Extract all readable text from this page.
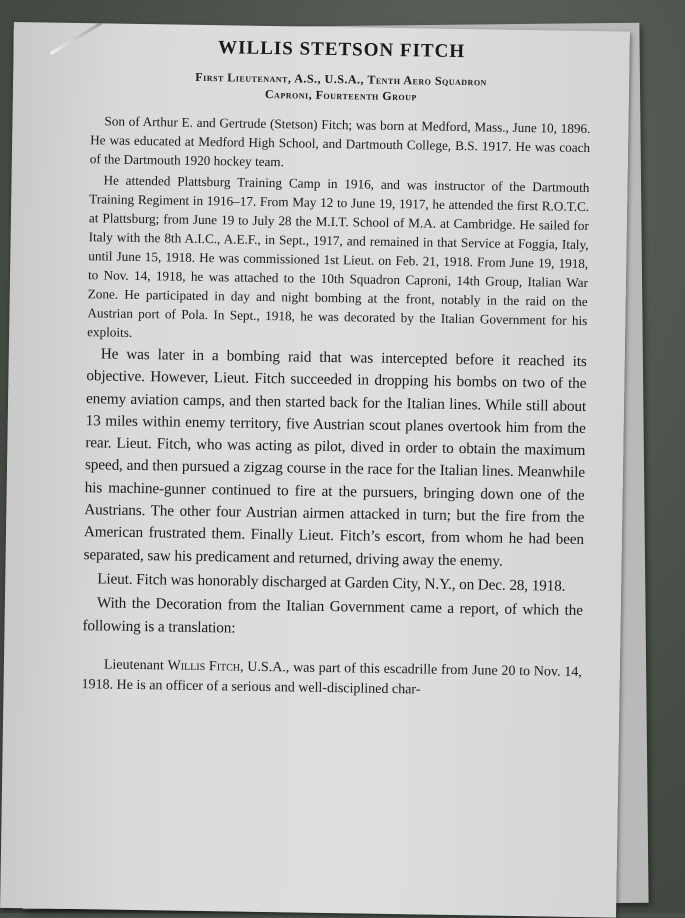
WILLIS STETSON FITCH

First Lieutenant, A.S., U.S.A., Tenth Aero Squadron

Caproni, Fourteenth Group

Son of Arthur E. and Gertrude (Stetson) Fitch; was born at Medford, Mass., June 10, 1896. He was educated at Medford High School, and Dartmouth College, B.S. 1917. He was coach of the Dartmouth 1920 hockey team.

He attended Plattsburg Training Camp in 1916, and was instructor of the Dartmouth Training Regiment in 1916–17. From May 12 to June 19, 1917, he attended the first R.O.T.C. at Plattsburg; from June 19 to July 28 the M.I.T. School of M.A. at Cambridge. He sailed for Italy with the 8th A.I.C., A.E.F., in Sept., 1917, and remained in that Service at Foggia, Italy, until June 15, 1918. He was commissioned 1st Lieut. on Feb. 21, 1918. From June 19, 1918, to Nov. 14, 1918, he was attached to the 10th Squadron Caproni, 14th Group, Italian War Zone. He participated in day and night bombing at the front, notably in the raid on the Austrian port of Pola. In Sept., 1918, he was decorated by the Italian Government for his exploits.

He was later in a bombing raid that was intercepted before it reached its objective. However, Lieut. Fitch succeeded in dropping his bombs on two of the enemy aviation camps, and then started back for the Italian lines. While still about 13 miles within enemy territory, five Austrian scout planes overtook him from the rear. Lieut. Fitch, who was acting as pilot, dived in order to obtain the maximum speed, and then pursued a zigzag course in the race for the Italian lines. Meanwhile his machine-gunner continued to fire at the pursuers, bringing down one of the Austrians. The other four Austrian airmen attacked in turn; but the fire from the American frustrated them. Finally Lieut. Fitch’s escort, from whom he had been separated, saw his predicament and returned, driving away the enemy.

Lieut. Fitch was honorably discharged at Garden City, N.Y., on Dec. 28, 1918.

With the Decoration from the Italian Government came a report, of which the following is a translation:

Lieutenant Willis Fitch, U.S.A., was part of this escadrille from June 20 to Nov. 14, 1918. He is an officer of a serious and well-disciplined char-
